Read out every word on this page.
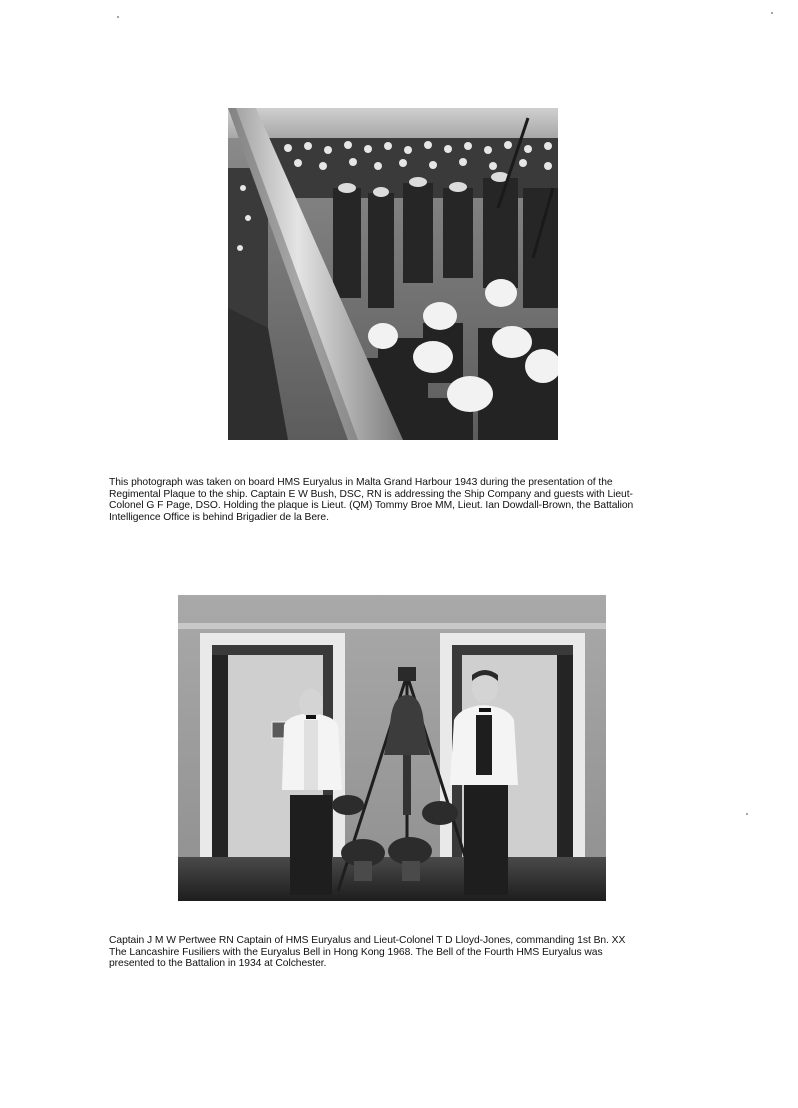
This photograph was taken on board HMS Euryalus in Malta Grand Harbour 1943 during the presentation of the
Regimental Plaque to the ship. Captain E W Bush, DSC, RN is addressing the Ship Company and guests with Lieut-
Colonel G F Page, DSO. Holding the plaque is Lieut. (QM) Tommy Broe MM, Lieut. Ian Dowdall-Brown, the Battalion
Intelligence Office is behind Brigadier de la Bere.
Captain J M W Pertwee RN Captain of HMS Euryalus and Lieut-Colonel T D Lloyd-Jones, commanding 1st Bn. XX
The Lancashire Fusiliers with the Euryalus Bell in Hong Kong 1968. The Bell of the Fourth HMS Euryalus was
presented to the Battalion in 1934 at Colchester.
